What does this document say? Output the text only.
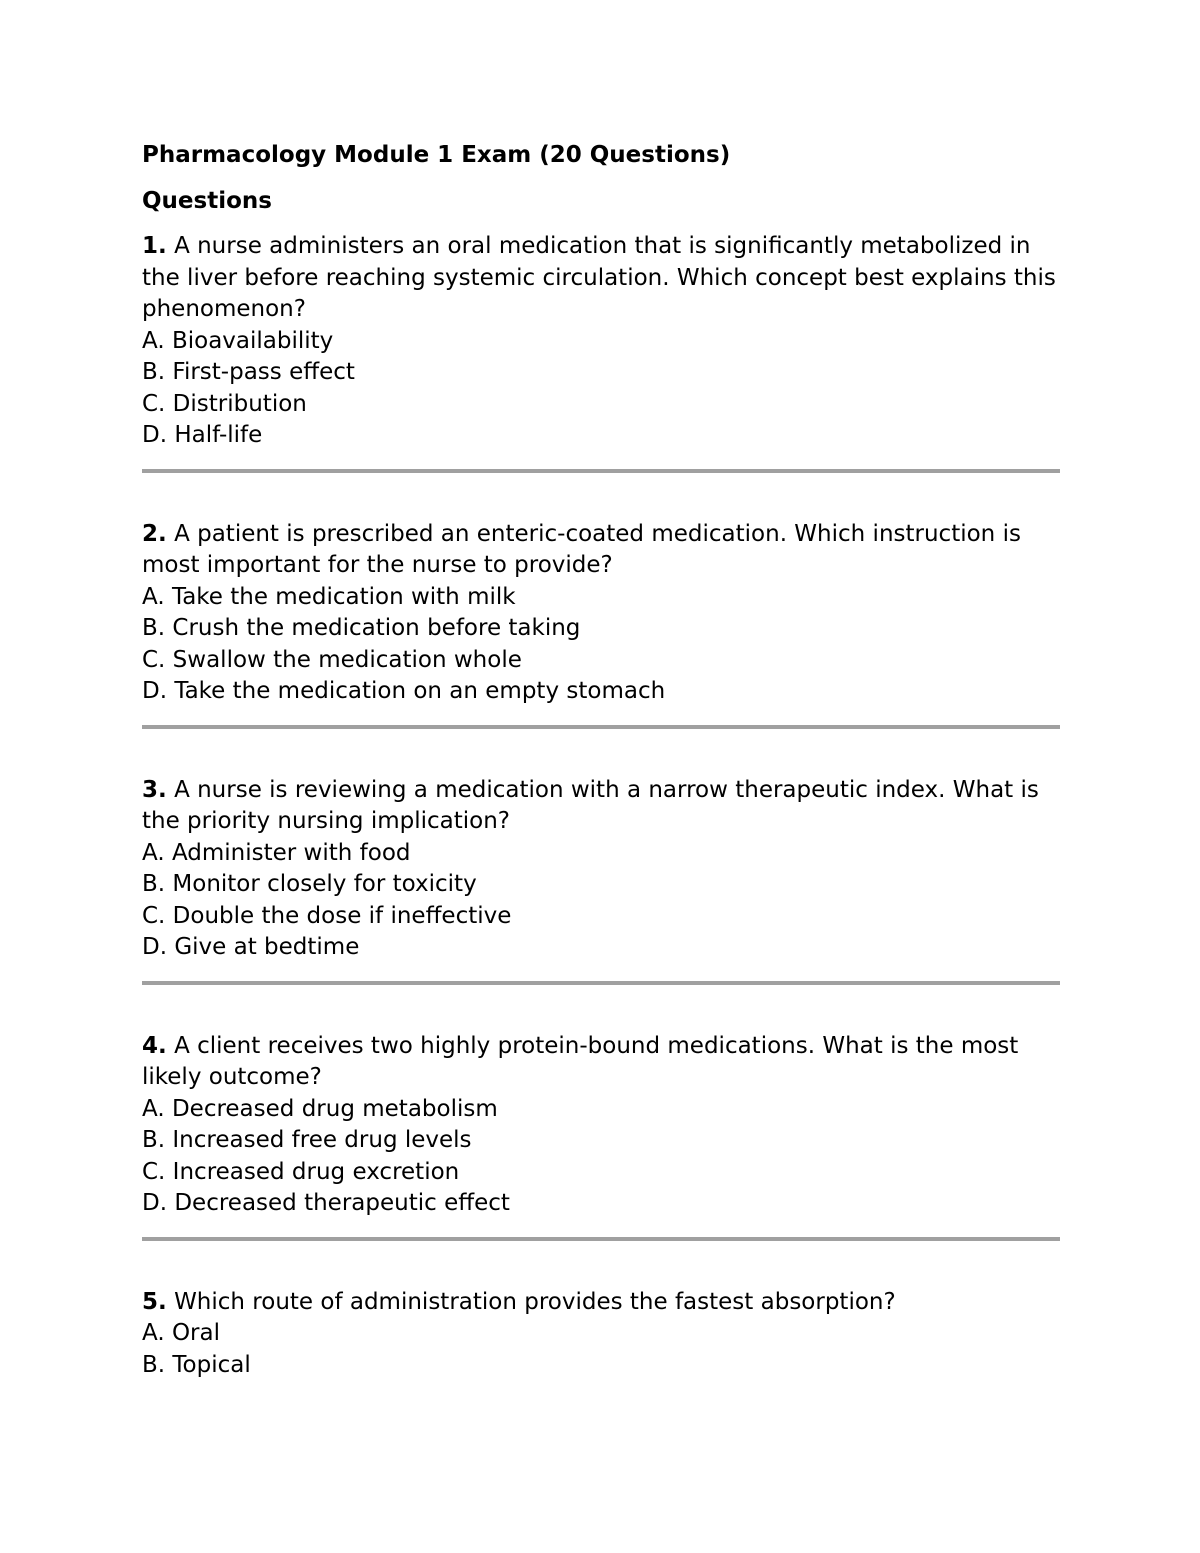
Pharmacology Module 1 Exam (20 Questions)
Questions

1. A nurse administers an oral medication that is significantly metabolized in the liver before reaching systemic circulation. Which concept best explains this phenomenon?

A. Bioavailability
B. First-pass effect
C. Distribution
D. Half-life

2. A patient is prescribed an enteric-coated medication. Which instruction is most important for the nurse to provide?

A. Take the medication with milk
B. Crush the medication before taking
C. Swallow the medication whole
D. Take the medication on an empty stomach

3. A nurse is reviewing a medication with a narrow therapeutic index. What is the priority nursing implication?

A. Administer with food
B. Monitor closely for toxicity
C. Double the dose if ineffective
D. Give at bedtime

4. A client receives two highly protein-bound medications. What is the most likely outcome?

A. Decreased drug metabolism
B. Increased free drug levels
C. Increased drug excretion
D. Decreased therapeutic effect

5. Which route of administration provides the fastest absorption?

A. Oral
B. Topical
